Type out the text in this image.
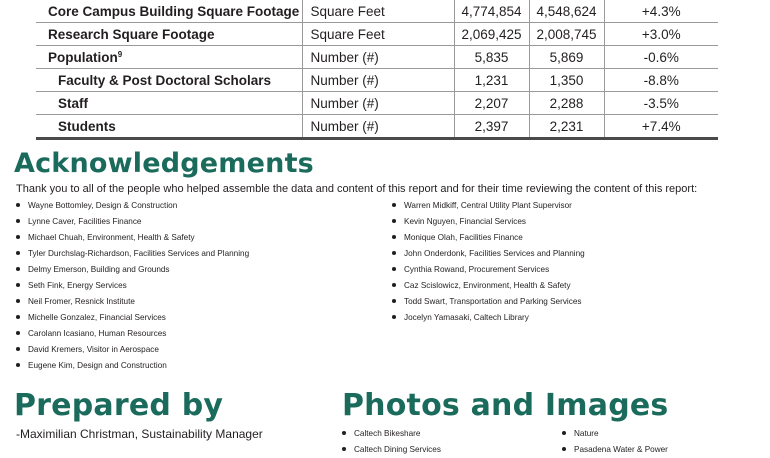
Core Campus Building Square Footage	Square Feet	4,774,854	4,548,624	+4.3%
Research Square Footage	Square Feet	2,069,425	2,008,745	+3.0%
Population$^9$	Number (#)	5,835	5,869	-0.6%
Faculty & Post Doctoral Scholars	Number (#)	1,231	1,350	-8.8%
Staff	Number (#)	2,207	2,288	-3.5%
Students	Number (#)	2,397	2,231	+7.4%
Acknowledgements
Thank you to all of the people who helped assemble the data and content of this report and for their time reviewing the content of this report:
Wayne Bottomley, Design & Construction
Lynne Caver, Facilities Finance
Michael Chuah, Environment, Health & Safety
Tyler Durchslag-Richardson, Facilities Services and Planning
Delmy Emerson, Building and Grounds
Seth Fink, Energy Services
Neil Fromer, Resnick Institute
Michelle Gonzalez, Financial Services
Carolann Icasiano, Human Resources
David Kremers, Visitor in Aerospace
Eugene Kim, Design and Construction
Warren Midkiff, Central Utility Plant Supervisor
Kevin Nguyen, Financial Services
Monique Olah, Facilities Finance
John Onderdonk, Facilities Services and Planning
Cynthia Rowand, Procurement Services
Caz Scislowicz, Environment, Health & Safety
Todd Swart, Transportation and Parking Services
Jocelyn Yamasaki, Caltech Library
Prepared by
-Maximilian Christman, Sustainability Manager
Photos and Images
Caltech Bikeshare
Caltech Dining Services
Nature
Pasadena Water & Power
